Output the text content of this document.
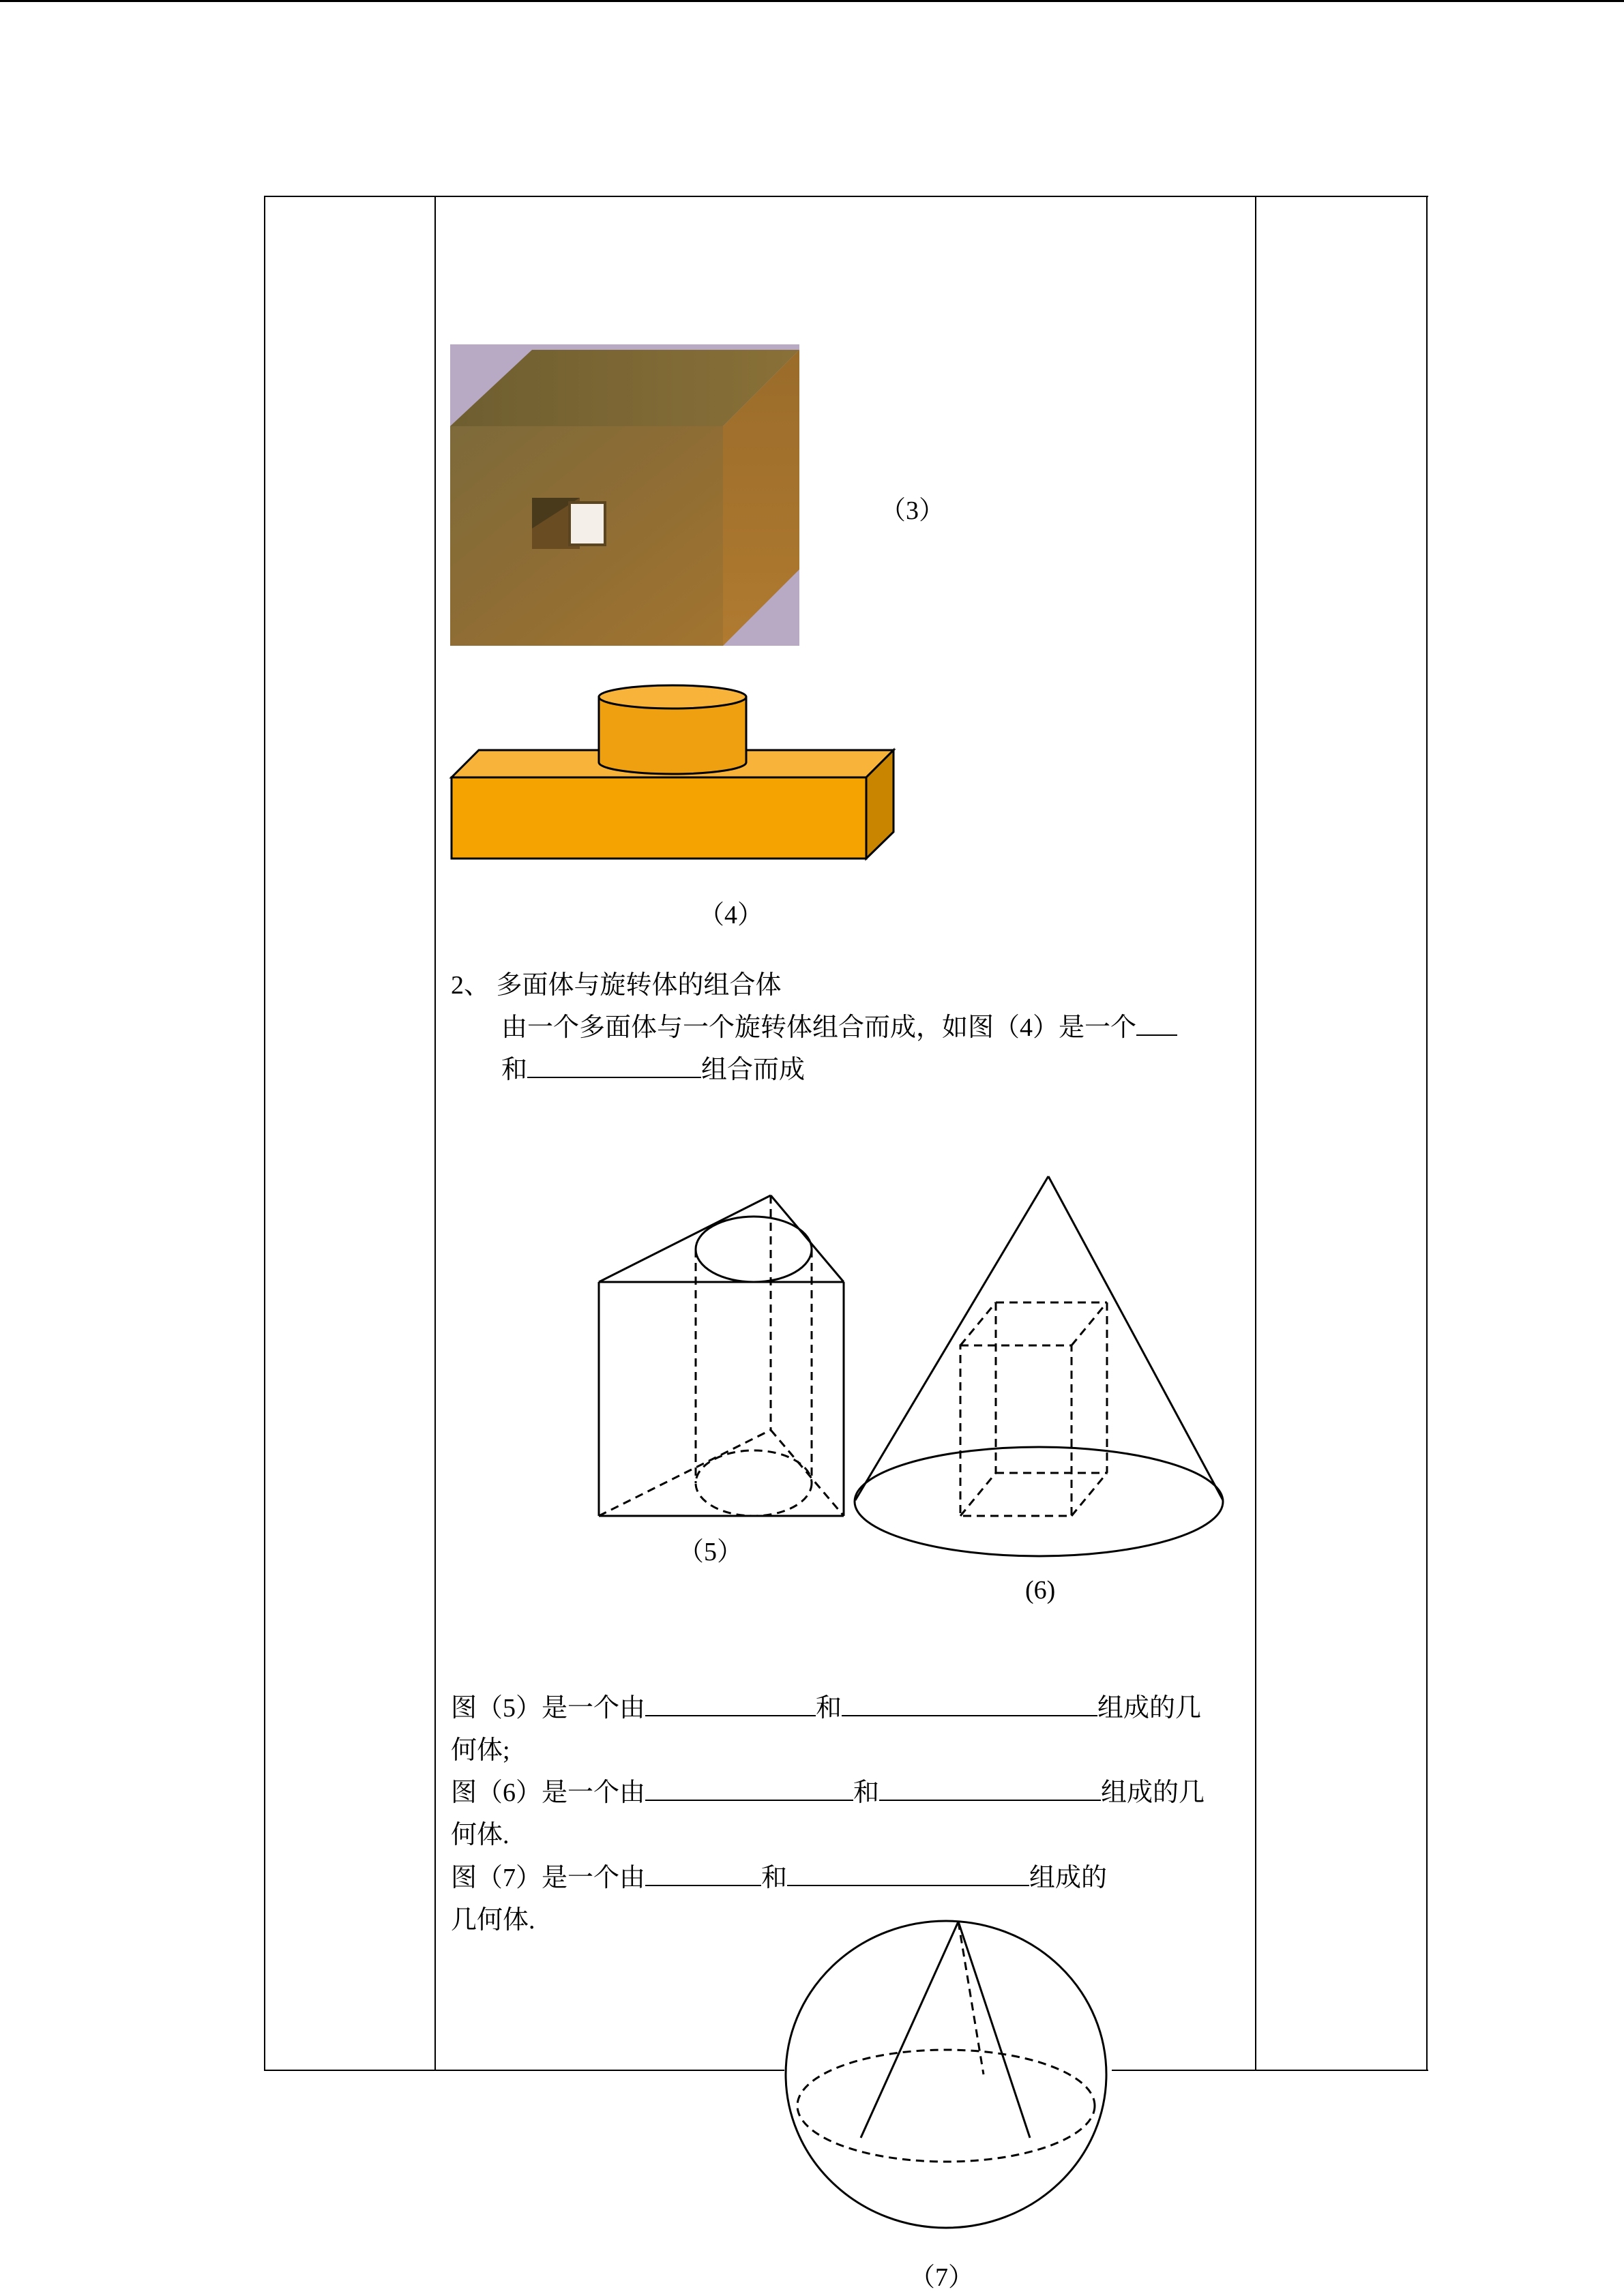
（3）
（4）
2、 多面体与旋转体的组合体
由一个多面体与一个旋转体组合而成，如图（4）是一个
和	组合而成
（5）
(6)
图（5）是一个由	和	组成的几
何体;
图（6）是一个由	和	组成的几
何体.
图（7）是一个由	和	组成的
几何体.
（7）
